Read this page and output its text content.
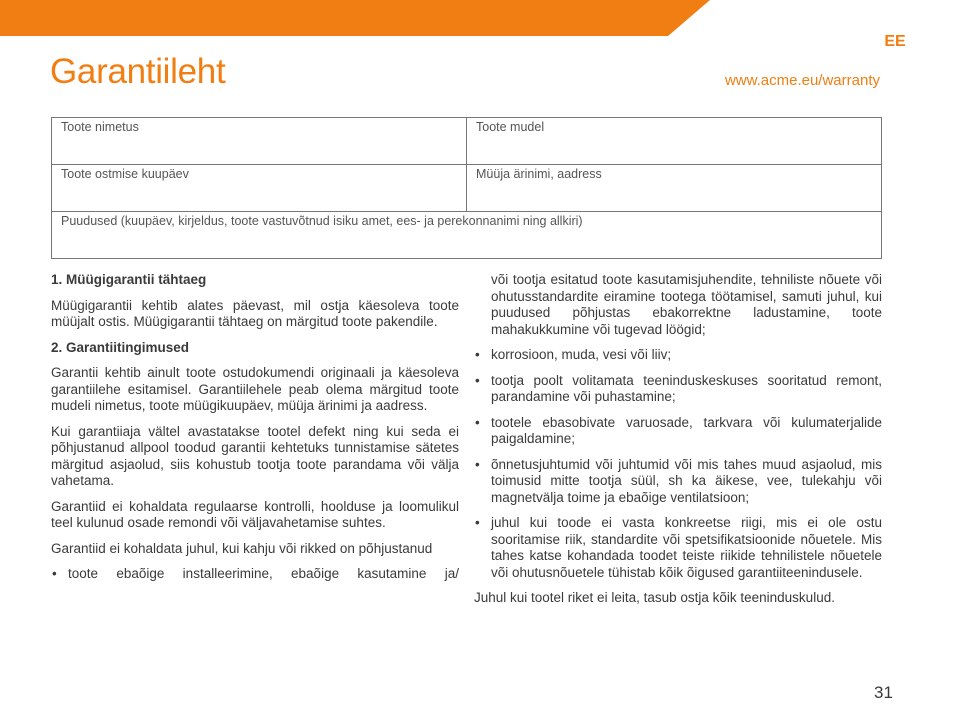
EE
Garantiileht	www.acme.eu/warranty
Toote nimetus	Toote mudel
Toote ostmise kuupäev	Müüja ärinimi, aadress
Puudused (kuupäev, kirjeldus, toote vastuvõtnud isiku amet, ees- ja perekonnanimi ning allkiri)	
1. Müügigarantii tähtaeg

Müügigarantii kehtib alates päevast, mil ostja käesoleva toote müüjalt ostis. Müügigarantii tähtaeg on märgitud toote pakendile.

2. Garantiitingimused

Garantii kehtib ainult toote ostudokumendi originaali ja käesoleva garantiilehe esitamisel. Garantiilehele peab olema märgitud toote mudeli nimetus, toote müügikuupäev, müüja ärinimi ja aadress.

Kui garantiiaja vältel avastatakse tootel defekt ning kui seda ei põhjustanud allpool toodud garantii kehtetuks tunnistamise sätetes märgitud asjaolud, siis kohustub tootja toote parandama või välja vahetama.

Garantiid ei kohaldata regulaarse kontrolli, hoolduse ja loomulikul teel kulunud osade remondi või väljavahetamise suhtes.

Garantiid ei kohaldata juhul, kui kahju või rikked on põhjustanud

• toote ebaõige installeerimine, ebaõige kasutamine ja/
või tootja esitatud toote kasutamisjuhendite, tehniliste nõuete või ohutusstandardite eiramine tootega töötamisel, samuti juhul, kui puudused põhjustas ebakorrektne ladustamine, toote mahakukkumine või tugevad löögid;
• korrosioon, muda, vesi või liiv;
• tootja poolt volitamata teeninduskeskuses sooritatud remont, parandamine või puhastamine;
• tootele ebasobivate varuosade, tarkvara või kulumaterjalide paigaldamine;
• õnnetusjuhtumid või juhtumid või mis tahes muud asjaolud, mis toimusid mitte tootja süül, sh ka äikese, vee, tulekahju või magnetvälja toime ja ebaõige ventilatsioon;
• juhul kui toode ei vasta konkreetse riigi, mis ei ole ostu sooritamise riik, standardite või spetsifikatsioonide nõuetele. Mis tahes katse kohandada toodet teiste riikide tehnilistele nõuetele või ohutusnõuetele tühistab kõik õigused garantiiteenindusele.

Juhul kui tootel riket ei leita, tasub ostja kõik teeninduskulud.

31
